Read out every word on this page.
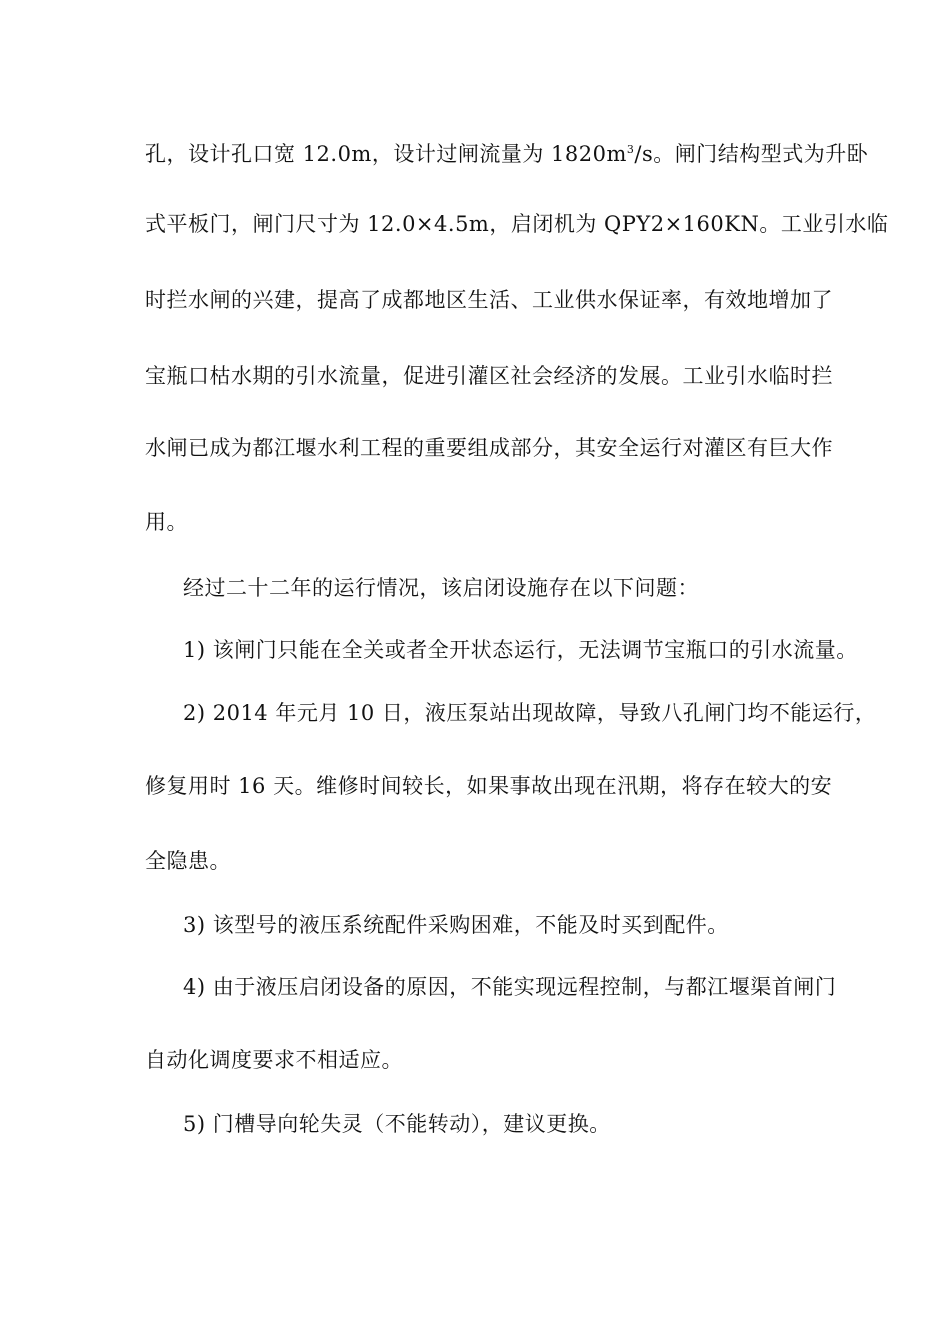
孔，设计孔口宽 12.0m，设计过闸流量为 $1820m^3/s$。闸门结构型式为升卧
式平板门，闸门尺寸为 12.0×4.5m，启闭机为 QPY2×160KN。工业引水临
时拦水闸的兴建，提高了成都地区生活、工业供水保证率，有效地增加了
宝瓶口枯水期的引水流量，促进引灌区社会经济的发展。工业引水临时拦
水闸已成为都江堰水利工程的重要组成部分，其安全运行对灌区有巨大作
用。
经过二十二年的运行情况，该启闭设施存在以下问题：
1) 该闸门只能在全关或者全开状态运行，无法调节宝瓶口的引水流量。
2) 2014 年元月 10 日，液压泵站出现故障，导致八孔闸门均不能运行，
修复用时 16 天。维修时间较长，如果事故出现在汛期，将存在较大的安
全隐患。
3) 该型号的液压系统配件采购困难，不能及时买到配件。
4) 由于液压启闭设备的原因，不能实现远程控制，与都江堰渠首闸门
自动化调度要求不相适应。
5) 门槽导向轮失灵（不能转动），建议更换。
